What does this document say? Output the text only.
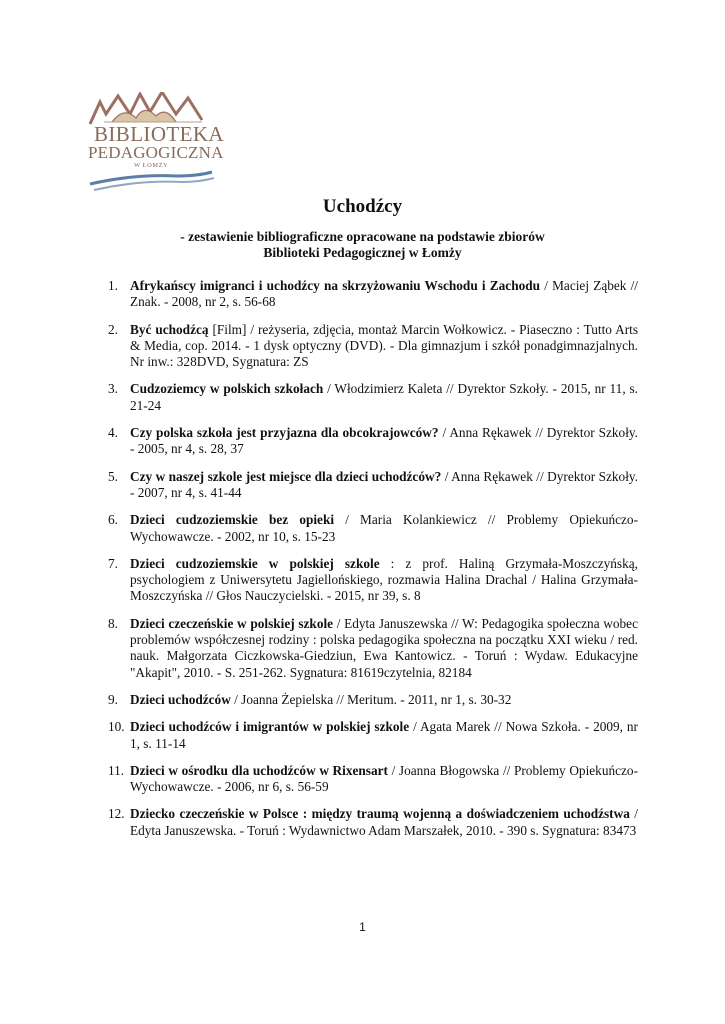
BIBLIOTEKA
PEDAGOGICZNA
W ŁOMŻY
Uchodźcy
- zestawienie bibliograficzne opracowane na podstawie zbiorów
Biblioteki Pedagogicznej w Łomży
1. Afrykańscy imigranci i uchodźcy na skrzyżowaniu Wschodu i Zachodu / Maciej Ząbek // Znak. - 2008, nr 2, s. 56-68
2. Być uchodźcą [Film] / reżyseria, zdjęcia, montaż Marcin Wołkowicz. - Piaseczno : Tutto Arts & Media, cop. 2014. - 1 dysk optyczny (DVD). - Dla gimnazjum i szkół ponadgimnazjalnych. Nr inw.: 328DVD, Sygnatura: ZS
3. Cudzoziemcy w polskich szkołach / Włodzimierz Kaleta // Dyrektor Szkoły. - 2015, nr 11, s. 21-24
4. Czy polska szkoła jest przyjazna dla obcokrajowców? / Anna Rękawek // Dyrektor Szkoły. - 2005, nr 4, s. 28, 37
5. Czy w naszej szkole jest miejsce dla dzieci uchodźców? / Anna Rękawek // Dyrektor Szkoły. - 2007, nr 4, s. 41-44
6. Dzieci cudzoziemskie bez opieki / Maria Kolankiewicz // Problemy Opiekuńczo-Wychowawcze. - 2002, nr 10, s. 15-23
7. Dzieci cudzoziemskie w polskiej szkole : z prof. Haliną Grzymała-Moszczyńską, psychologiem z Uniwersytetu Jagiellońskiego, rozmawia Halina Drachal / Halina Grzymała-Moszczyńska // Głos Nauczycielski. - 2015, nr 39, s. 8
8. Dzieci czeczeńskie w polskiej szkole / Edyta Januszewska // W: Pedagogika społeczna wobec problemów współczesnej rodziny : polska pedagogika społeczna na początku XXI wieku / red. nauk. Małgorzata Ciczkowska-Giedziun, Ewa Kantowicz. - Toruń : Wydaw. Edukacyjne "Akapit", 2010. - S. 251-262. Sygnatura: 81619czytelnia, 82184
9. Dzieci uchodźców / Joanna Żepielska // Meritum. - 2011, nr 1, s. 30-32
10. Dzieci uchodźców i imigrantów w polskiej szkole / Agata Marek // Nowa Szkoła. - 2009, nr 1, s. 11-14
11. Dzieci w ośrodku dla uchodźców w Rixensart / Joanna Błogowska // Problemy Opiekuńczo-Wychowawcze. - 2006, nr 6, s. 56-59
12. Dziecko czeczeńskie w Polsce : między traumą wojenną a doświadczeniem uchodźstwa / Edyta Januszewska. - Toruń : Wydawnictwo Adam Marszałek, 2010. - 390 s. Sygnatura: 83473
1
